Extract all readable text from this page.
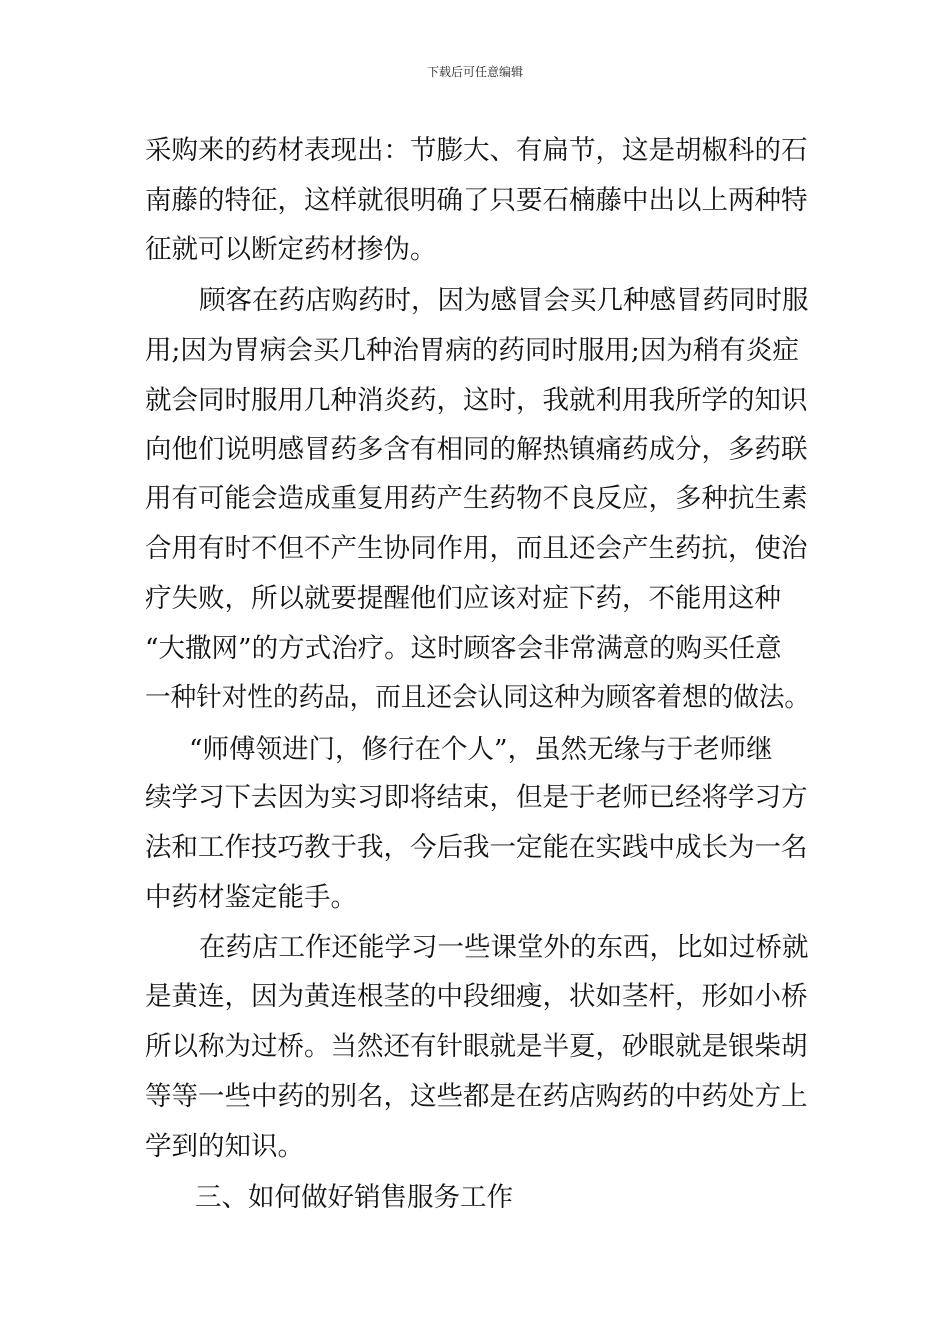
下载后可任意编辑
采购来的药材表现出：节膨大、有扁节，这是胡椒科的石
南藤的特征，这样就很明确了只要石楠藤中出以上两种特
征就可以断定药材掺伪。
顾客在药店购药时，因为感冒会买几种感冒药同时服
用;因为胃病会买几种治胃病的药同时服用;因为稍有炎症
就会同时服用几种消炎药，这时，我就利用我所学的知识
向他们说明感冒药多含有相同的解热镇痛药成分，多药联
用有可能会造成重复用药产生药物不良反应，多种抗生素
合用有时不但不产生协同作用，而且还会产生药抗，使治
疗失败，所以就要提醒他们应该对症下药，不能用这种
“大撒网”的方式治疗。这时顾客会非常满意的购买任意
一种针对性的药品，而且还会认同这种为顾客着想的做法。
“师傅领进门，修行在个人”，虽然无缘与于老师继
续学习下去因为实习即将结束，但是于老师已经将学习方
法和工作技巧教于我，今后我一定能在实践中成长为一名
中药材鉴定能手。
在药店工作还能学习一些课堂外的东西，比如过桥就
是黄连，因为黄连根茎的中段细瘦，状如茎杆，形如小桥
所以称为过桥。当然还有针眼就是半夏，砂眼就是银柴胡
等等一些中药的别名，这些都是在药店购药的中药处方上
学到的知识。
三、如何做好销售服务工作
